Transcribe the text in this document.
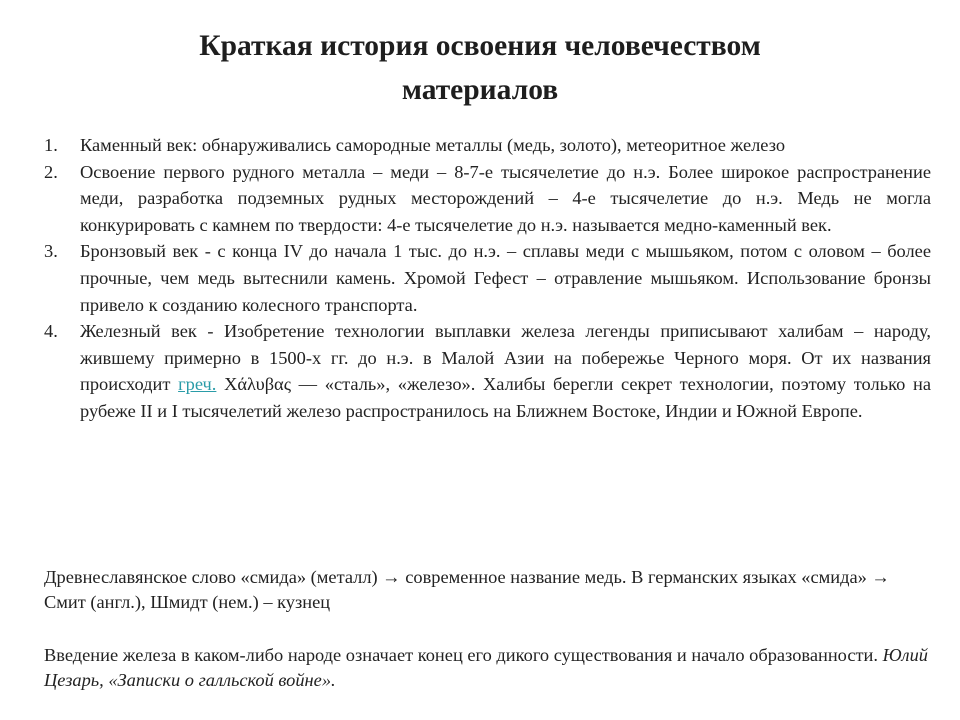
Краткая история освоения человечеством
материалов
1. Каменный век: обнаруживались самородные металлы (медь, золото), метеоритное железо
2. Освоение первого рудного металла – меди – 8-7-е тысячелетие до н.э. Более широкое распространение меди, разработка подземных рудных месторождений – 4-е тысячелетие до н.э. Медь не могла конкурировать с камнем по твердости: 4-е тысячелетие до н.э. называется медно-каменный век.
3. Бронзовый век - с конца IV до начала 1 тыс. до н.э. – сплавы меди с мышьяком, потом с оловом – более прочные, чем медь вытеснили камень. Хромой Гефест – отравление мышьяком. Использование бронзы привело к созданию колесного транспорта.
4. Железный век - Изобретение технологии выплавки железа легенды приписывают халибам – народу, жившему примерно в 1500-х гг. до н.э. в Малой Азии на побережье Черного моря. От их названия происходит греч. Χάλυβας — «сталь», «железо». Халибы берегли секрет технологии, поэтому только на рубеже II и I тысячелетий железо распространилось на Ближнем Востоке, Индии и Южной Европе.
Древнеславянское слово «смида» (металл) → современное название медь. В германских языках «смида» → Смит (англ.), Шмидт (нем.) – кузнец
Введение железа в каком-либо народе означает конец его дикого существования и начало образованности. Юлий Цезарь, «Записки о галльской войне».
